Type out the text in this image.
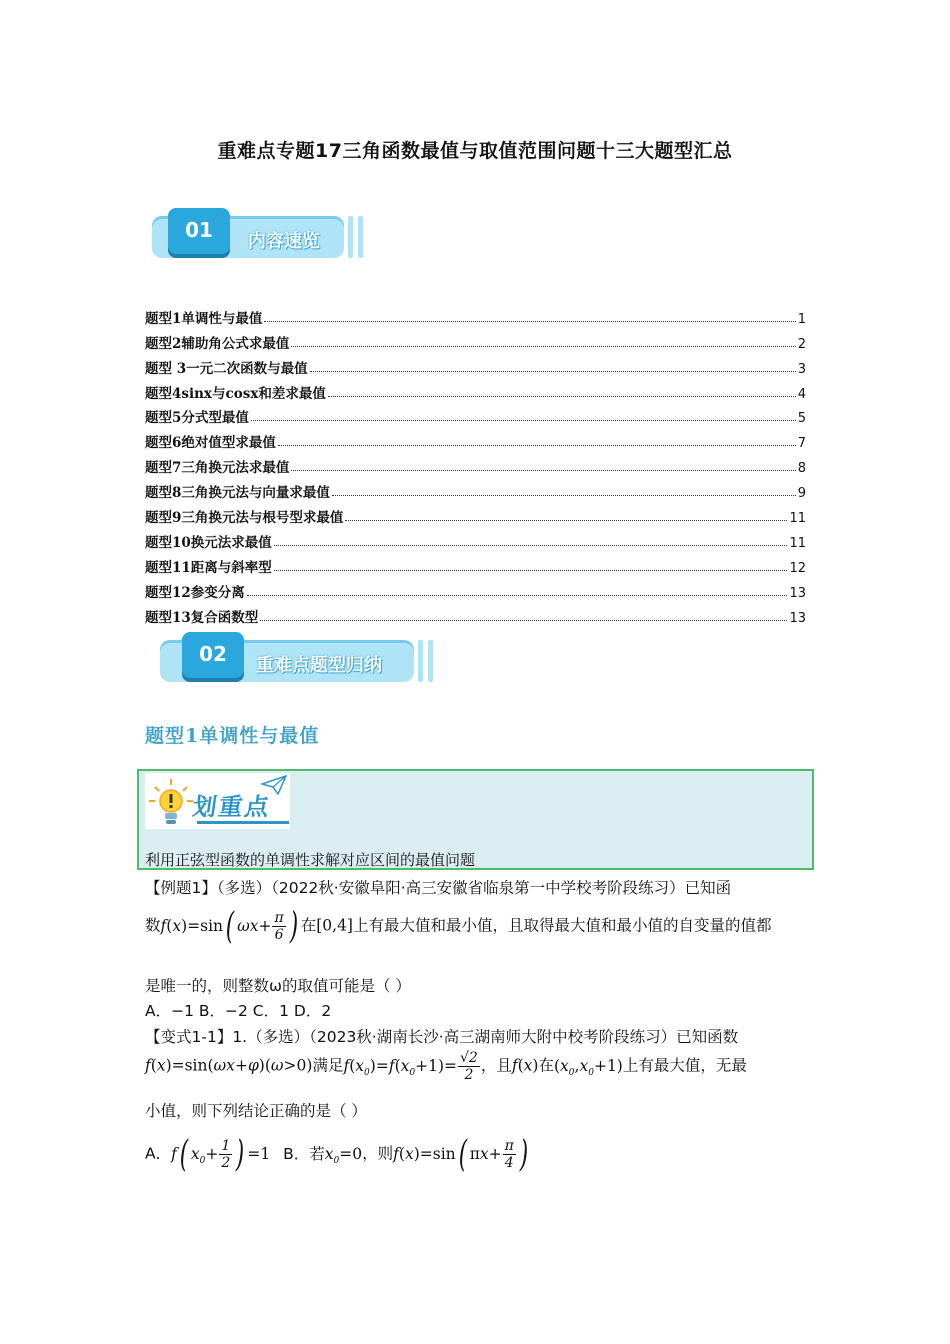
重难点专题17三角函数最值与取值范围问题十三大题型汇总
01	内容速览
题型1单调性与最值	1
题型2辅助角公式求最值	2
题型 3一元二次函数与最值	3
题型4sinx与cosx和差求最值	4
题型5分式型最值	5
题型6绝对值型求最值	7
题型7三角换元法求最值	8
题型8三角换元法与向量求最值	9
题型9三角换元法与根号型求最值	11
题型10换元法求最值	11
题型11距离与斜率型	12
题型12参变分离	13
题型13复合函数型	13
02	重难点题型归纳
题型1单调性与最值
划重点
利用正弦型函数的单调性求解对应区间的最值问题
【例题1】（多选）（2022秋·安徽阜阳·高三安徽省临泉第一中学校考阶段练习）已知函
数f(x)=sin( $\omega x+ \frac{\pi}{6}$ ) 在[0,4]上有最大值和最小值，且取得最大值和最小值的自变量的值都
是唯一的，则整数ω的取值可能是（ ）
A．−1 B．−2 C．1 D．2
【变式1-1】1.（多选）（2023秋·湖南长沙·高三湖南师大附中校考阶段练习）已知函数
f(x)=sin(ωx+φ)(ω>0)满足$f(x_0)=f(x_0+1)= \frac{√2}{2}$ ，且f(x)在$(x_0,x_0+1)$上有最大值，无最
小值，则下列结论正确的是（ ）
A．f( $x_0+ \frac{1}{2}$ ) =1 B．若$x_0=0$，则f(x)=sin( $\pi x+ \frac{\pi}{4}$ )
